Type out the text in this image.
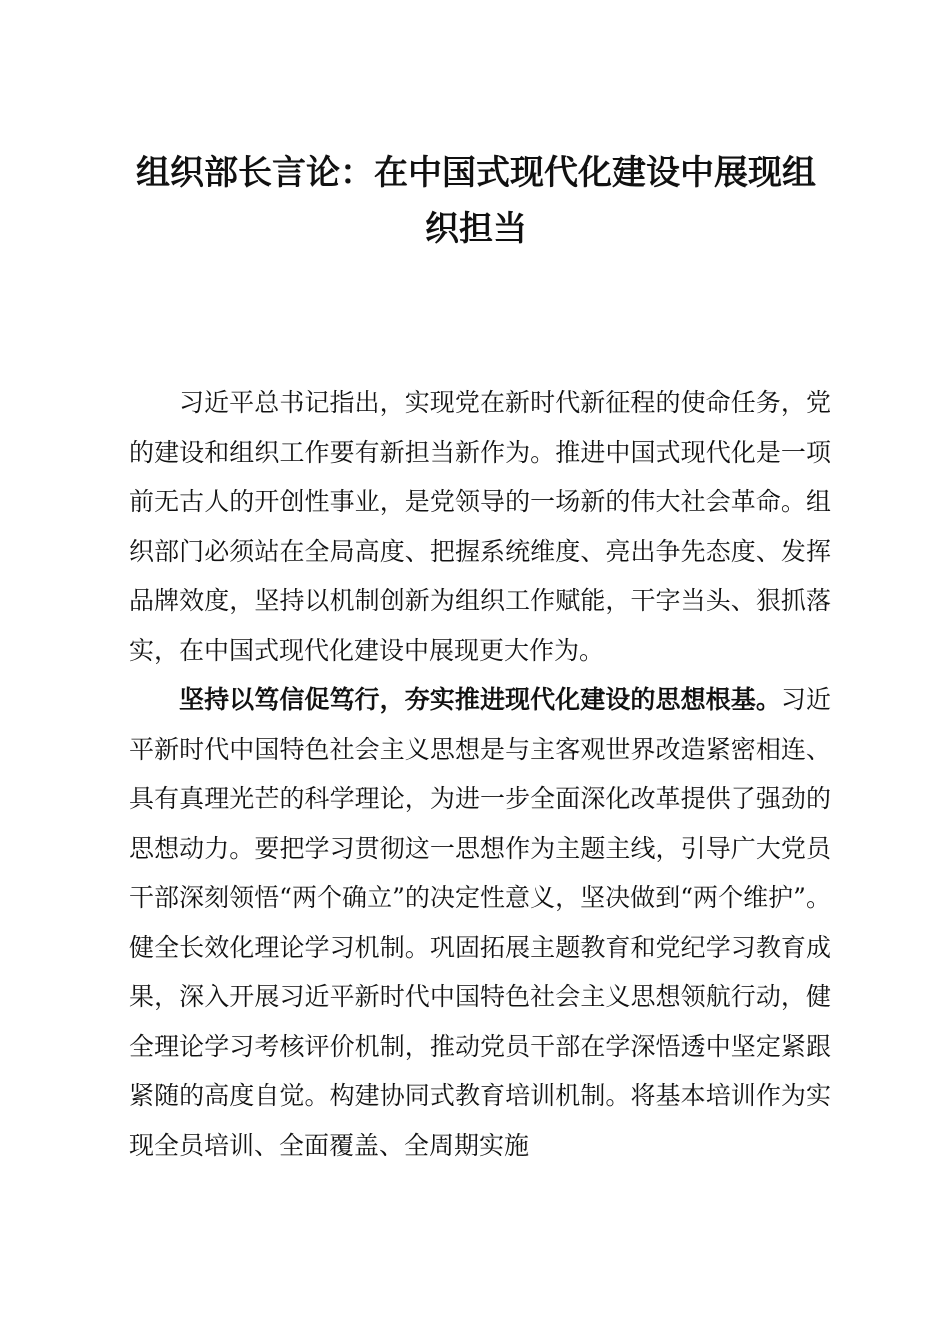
组织部长言论：在中国式现代化建设中展现组织担当

习近平总书记指出，实现党在新时代新征程的使命任务，党的建设和组织工作要有新担当新作为。推进中国式现代化是一项前无古人的开创性事业，是党领导的一场新的伟大社会革命。组织部门必须站在全局高度、把握系统维度、亮出争先态度、发挥品牌效度，坚持以机制创新为组织工作赋能，干字当头、狠抓落实，在中国式现代化建设中展现更大作为。

坚持以笃信促笃行，夯实推进现代化建设的思想根基。习近平新时代中国特色社会主义思想是与主客观世界改造紧密相连、具有真理光芒的科学理论，为进一步全面深化改革提供了强劲的思想动力。要把学习贯彻这一思想作为主题主线，引导广大党员干部深刻领悟“两个确立”的决定性意义，坚决做到“两个维护”。健全长效化理论学习机制。巩固拓展主题教育和党纪学习教育成果，深入开展习近平新时代中国特色社会主义思想领航行动，健全理论学习考核评价机制，推动党员干部在学深悟透中坚定紧跟紧随的高度自觉。构建协同式教育培训机制。将基本培训作为实现全员培训、全面覆盖、全周期实施
